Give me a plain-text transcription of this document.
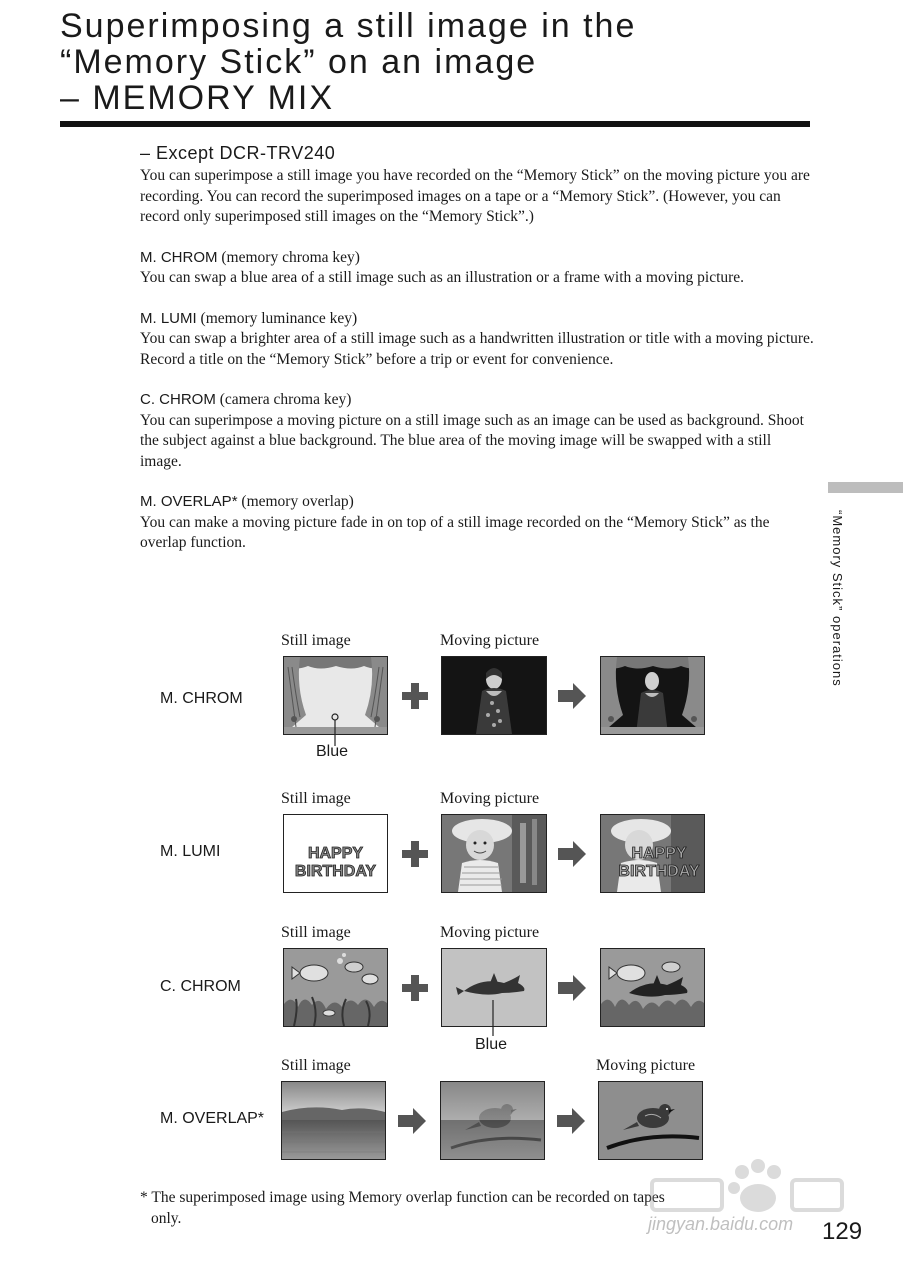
Superimposing a still image in the
“Memory Stick” on an image
– MEMORY MIX
– Except DCR-TRV240

You can superimpose a still image you have recorded on the “Memory Stick” on the moving picture you are recording. You can record the superimposed images on a tape or a “Memory Stick”. (However, you can record only superimposed still images on the “Memory Stick”.)

M. CHROM (memory chroma key)

You can swap a blue area of a still image such as an illustration or a frame with a moving picture.

M. LUMI (memory luminance key)

You can swap a brighter area of a still image such as a handwritten illustration or title with a moving picture. Record a title on the “Memory Stick” before a trip or event for convenience.

C. CHROM (camera chroma key)

You can superimpose a moving picture on a still image such as an image can be used as background. Shoot the subject against a blue background. The blue area of the moving image will be swapped with a still image.

M. OVERLAP* (memory overlap)

You can make a moving picture fade in on top of a still image recorded on the “Memory Stick” as the overlap function.	“Memory Stick” operations
Still image	Moving picture
M. CHROM
Blue
Still image	Moving picture
M. LUMI	HAPPY
BIRTHDAY
HAPPY
BIRTHDAY
Still image	Moving picture
C. CHROM
Blue
Still image	Moving picture
M. OVERLAP*
* The superimposed image using Memory overlap function can be recorded on tapes
only.	jingyan.baidu.com 129
